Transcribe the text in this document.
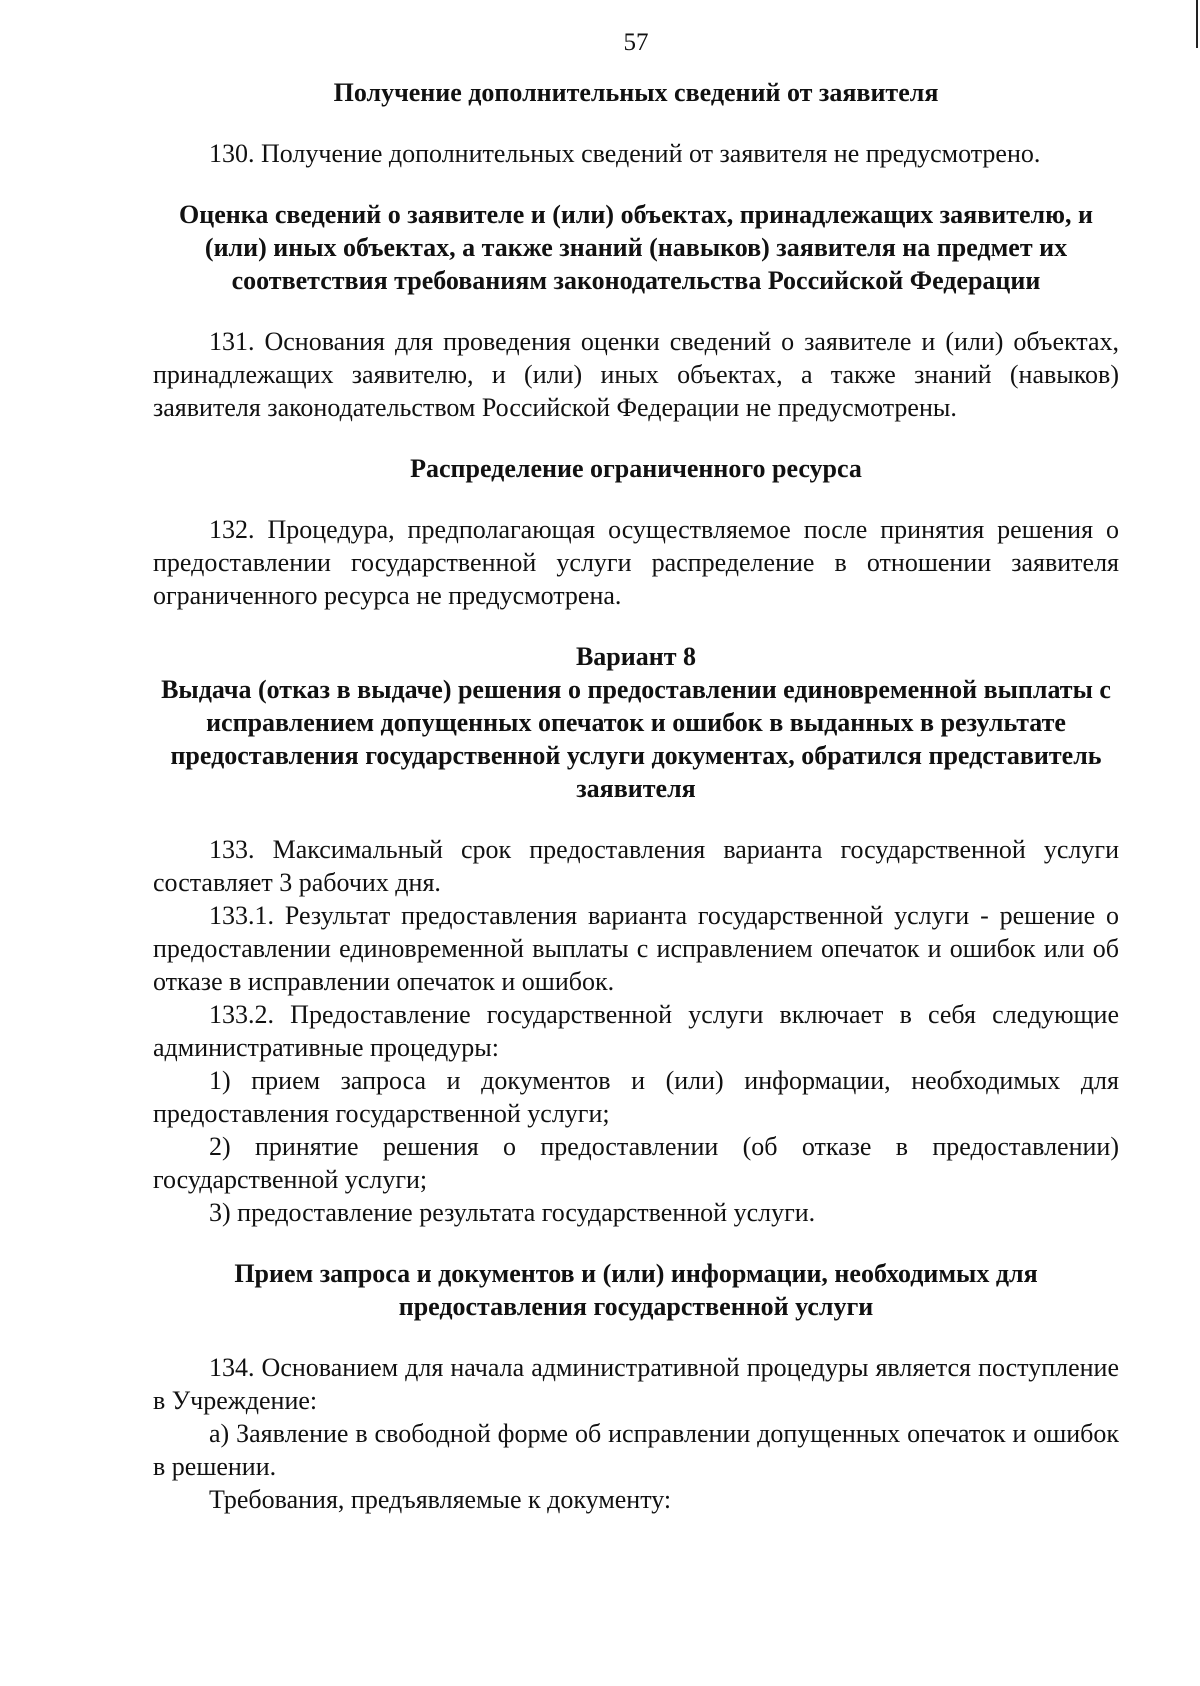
57
Получение дополнительных сведений от заявителя
130. Получение дополнительных сведений от заявителя не предусмотрено.
Оценка сведений о заявителе и (или) объектах, принадлежащих заявителю, и (или) иных объектах, а также знаний (навыков) заявителя на предмет их соответствия требованиям законодательства Российской Федерации
131. Основания для проведения оценки сведений о заявителе и (или) объектах, принадлежащих заявителю, и (или) иных объектах, а также знаний (навыков) заявителя законодательством Российской Федерации не предусмотрены.
Распределение ограниченного ресурса
132. Процедура, предполагающая осуществляемое после принятия решения о предоставлении государственной услуги распределение в отношении заявителя ограниченного ресурса не предусмотрена.
Вариант 8
Выдача (отказ в выдаче) решения о предоставлении единовременной выплаты с исправлением допущенных опечаток и ошибок в выданных в результате предоставления государственной услуги документах, обратился представитель заявителя
133. Максимальный срок предоставления варианта государственной услуги составляет 3 рабочих дня.
133.1. Результат предоставления варианта государственной услуги - решение о предоставлении единовременной выплаты с исправлением опечаток и ошибок или об отказе в исправлении опечаток и ошибок.
133.2. Предоставление государственной услуги включает в себя следующие административные процедуры:
1) прием запроса и документов и (или) информации, необходимых для предоставления государственной услуги;
2) принятие решения о предоставлении (об отказе в предоставлении) государственной услуги;
3) предоставление результата государственной услуги.
Прием запроса и документов и (или) информации, необходимых для предоставления государственной услуги
134. Основанием для начала административной процедуры является поступление в Учреждение:
а) Заявление в свободной форме об исправлении допущенных опечаток и ошибок в решении.
Требования, предъявляемые к документу:
